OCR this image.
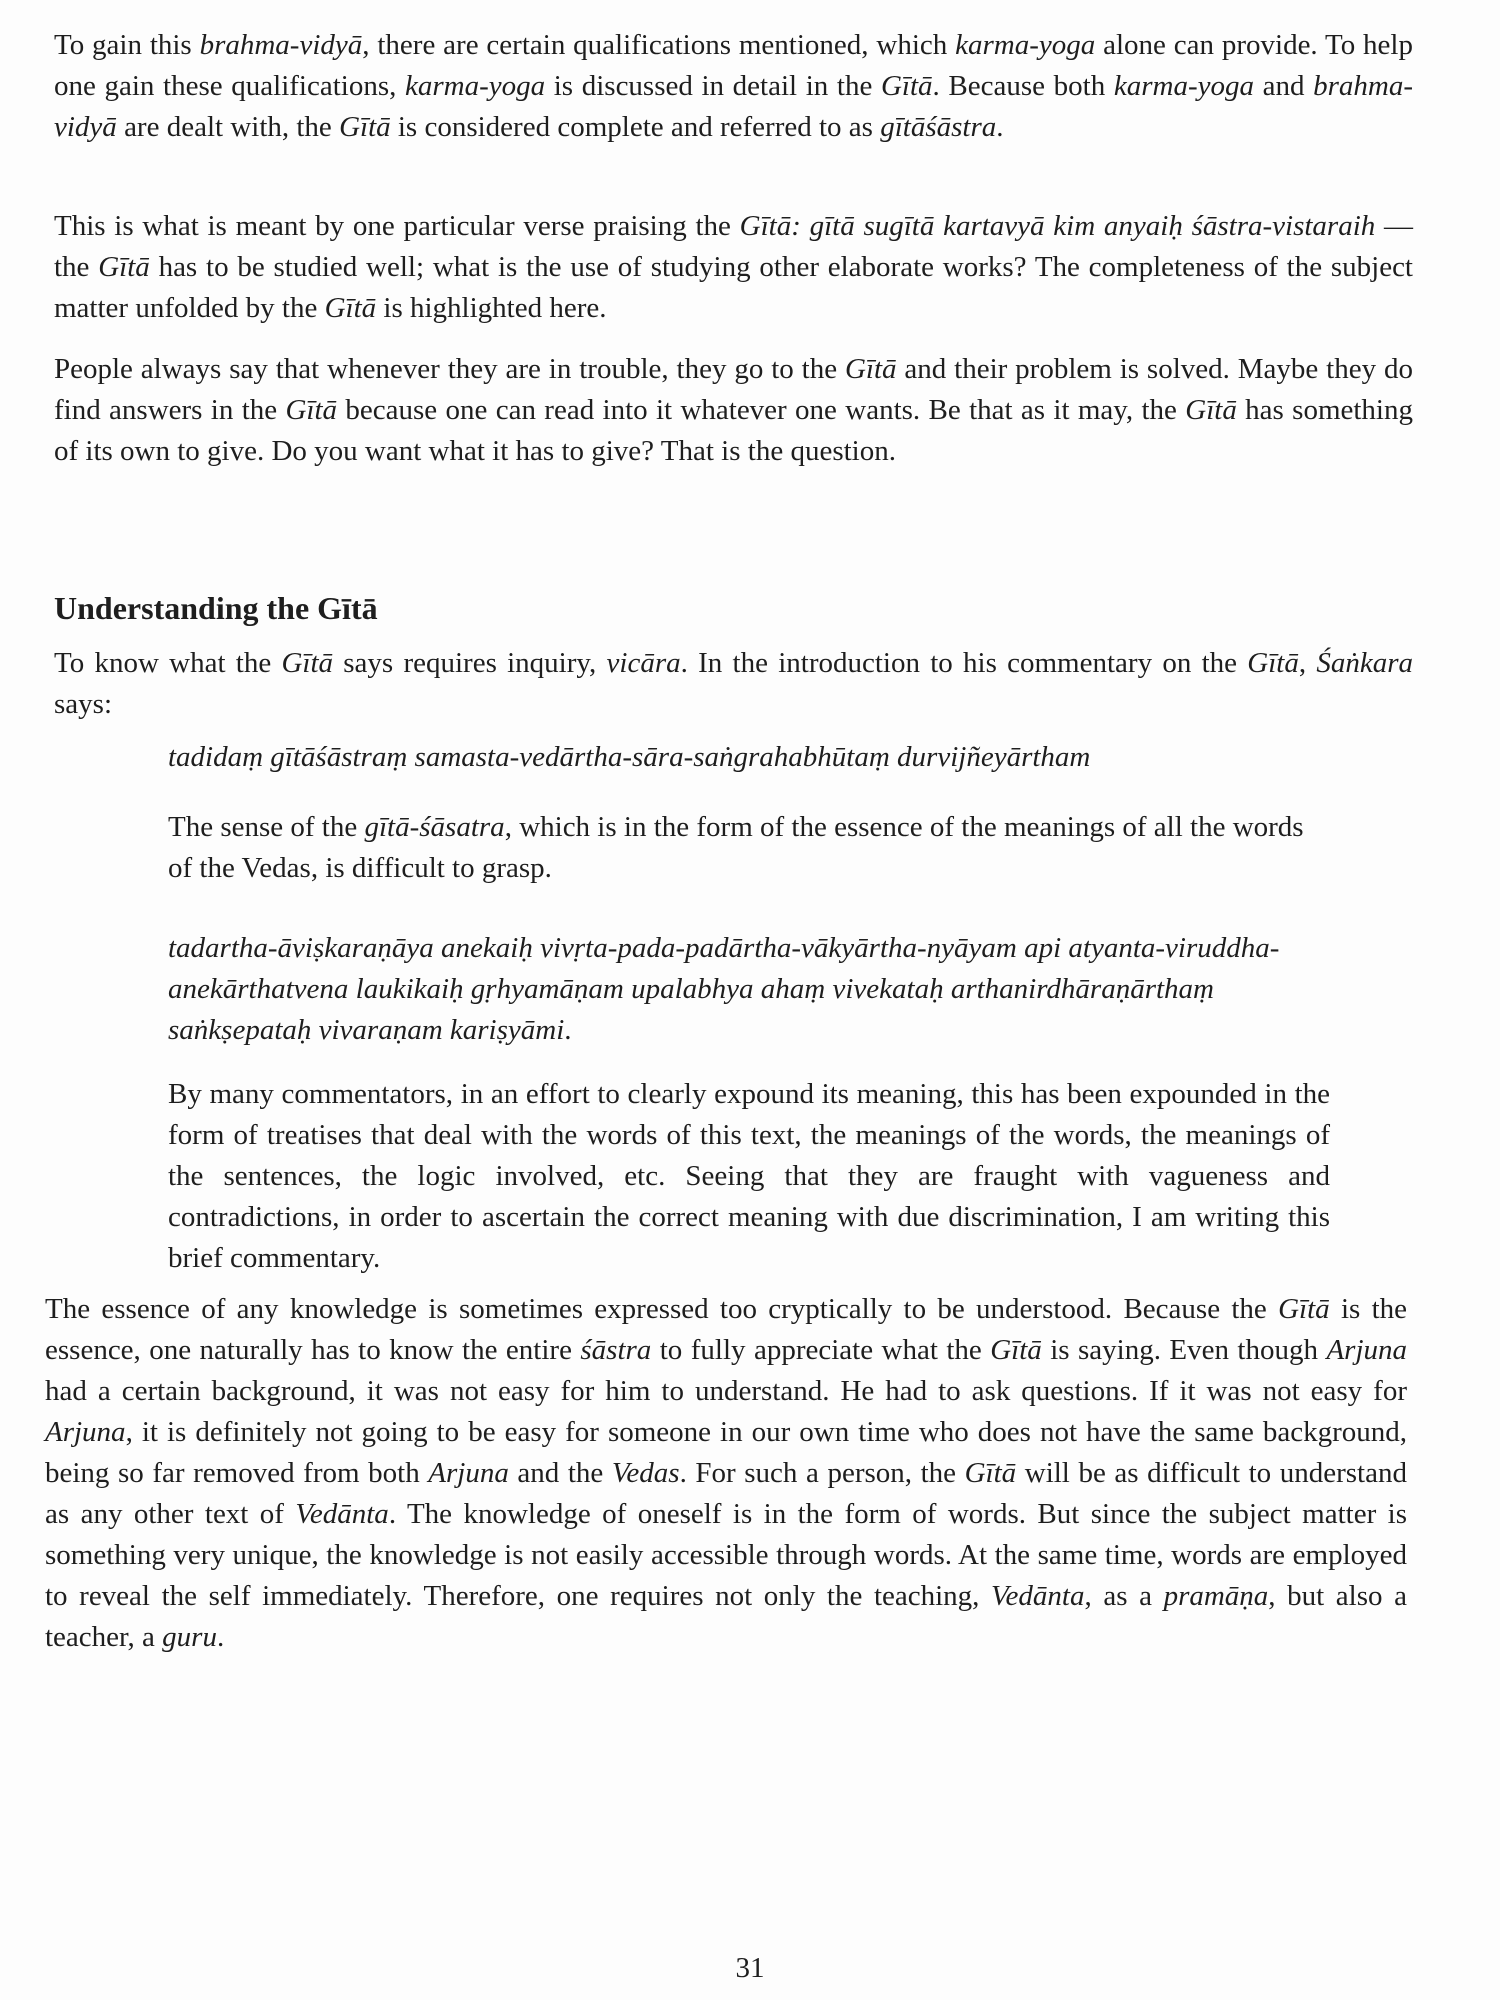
To gain this brahma-vidyā, there are certain qualifications mentioned, which karma-yoga alone can provide. To help one gain these qualifications, karma-yoga is discussed in detail in the Gītā. Because both karma-yoga and brahma-vidyā are dealt with, the Gītā is considered complete and referred to as gītāśāstra.
This is what is meant by one particular verse praising the Gītā: gītā sugītā kartavyā kim anyaiḥ śāstra-vistaraih — the Gītā has to be studied well; what is the use of studying other elaborate works? The completeness of the subject matter unfolded by the Gītā is highlighted here.
People always say that whenever they are in trouble, they go to the Gītā and their problem is solved. Maybe they do find answers in the Gītā because one can read into it whatever one wants. Be that as it may, the Gītā has something of its own to give. Do you want what it has to give? That is the question.
Understanding the Gītā
To know what the Gītā says requires inquiry, vicāra. In the introduction to his commentary on the Gītā, Śaṅkara says:
tadidaṃ gītāśāstraṃ samasta-vedārtha-sāra-saṅgrahabhūtaṃ durvijñeyārtham
The sense of the gītā-śāsatra, which is in the form of the essence of the meanings of all the words of the Vedas, is difficult to grasp.
tadartha-āviṣkaraṇāya anekaiḥ vivṛta-pada-padārtha-vākyārtha-nyāyam api atyanta-viruddha-anekārthatvena laukikaiḥ gṛhyamāṇam upalabhya ahaṃ vivekataḥ arthanirdhāraṇārthaṃ saṅkṣepataḥ vivaraṇam kariṣyāmi.
By many commentators, in an effort to clearly expound its meaning, this has been expounded in the form of treatises that deal with the words of this text, the meanings of the words, the meanings of the sentences, the logic involved, etc. Seeing that they are fraught with vagueness and contradictions, in order to ascertain the correct meaning with due discrimination, I am writing this brief commentary.
The essence of any knowledge is sometimes expressed too cryptically to be understood. Because the Gītā is the essence, one naturally has to know the entire śāstra to fully appreciate what the Gītā is saying. Even though Arjuna had a certain background, it was not easy for him to understand. He had to ask questions. If it was not easy for Arjuna, it is definitely not going to be easy for someone in our own time who does not have the same background, being so far removed from both Arjuna and the Vedas. For such a person, the Gītā will be as difficult to understand as any other text of Vedānta. The knowledge of oneself is in the form of words. But since the subject matter is something very unique, the knowledge is not easily accessible through words. At the same time, words are employed to reveal the self immediately. Therefore, one requires not only the teaching, Vedānta, as a pramāṇa, but also a teacher, a guru.
31
